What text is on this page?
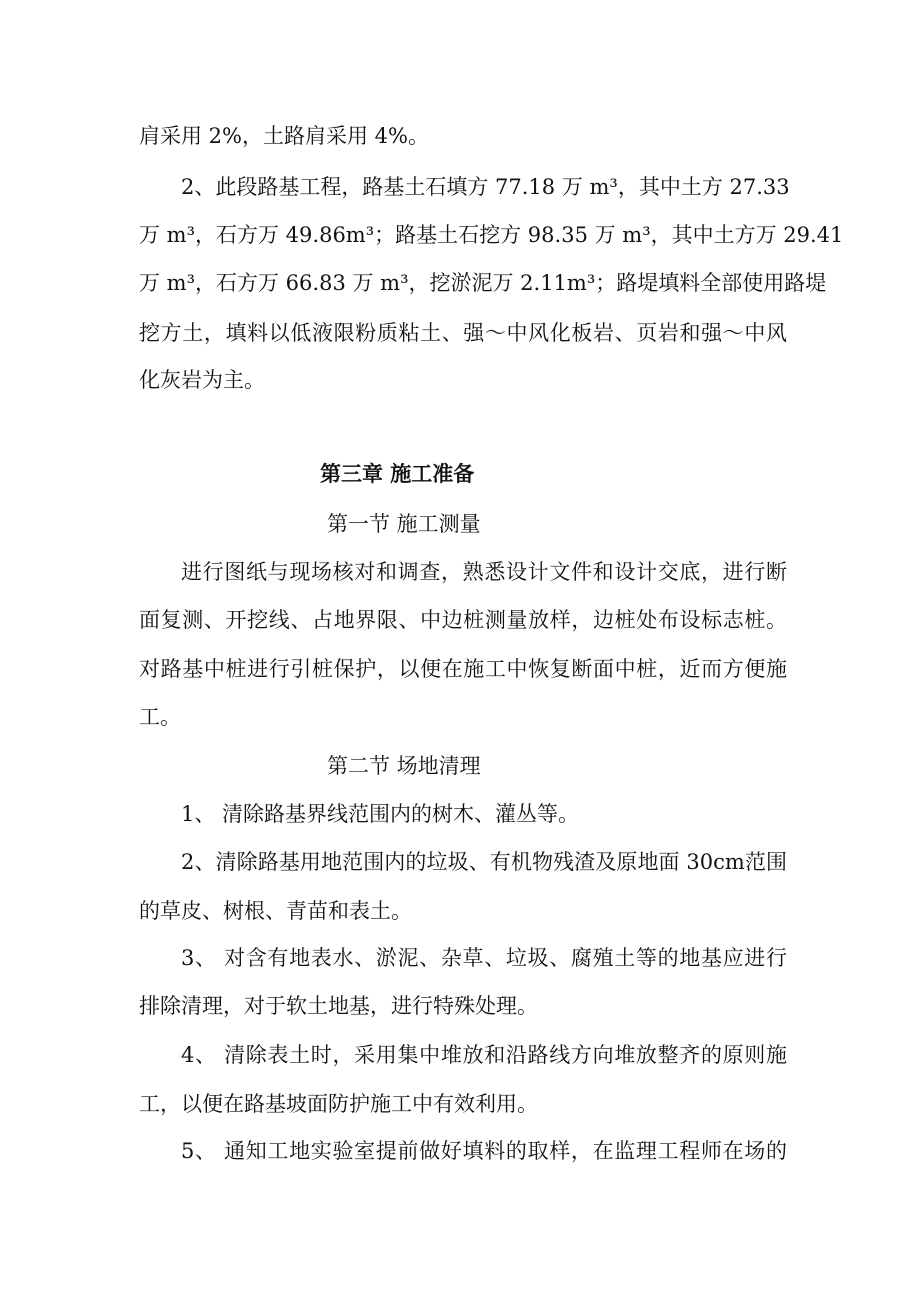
肩采用 2%，土路肩采用 4%。
2、此段路基工程，路基土石填方 77.18 万 m³，其中土方 27.33
万 m³，石方万 49.86m³；路基土石挖方 98.35 万 m³，其中土方万 29.41
万 m³，石方万 66.83 万 m³，挖淤泥万 2.11m³；路堤填料全部使用路堤
挖方土，填料以低液限粉质粘土、强～中风化板岩、页岩和强～中风
化灰岩为主。
第三章 施工准备
第一节 施工测量
进行图纸与现场核对和调查，熟悉设计文件和设计交底，进行断
面复测、开挖线、占地界限、中边桩测量放样，边桩处布设标志桩。
对路基中桩进行引桩保护，以便在施工中恢复断面中桩，近而方便施
工。
第二节 场地清理
1、 清除路基界线范围内的树木、灌丛等。
2、清除路基用地范围内的垃圾、有机物残渣及原地面 30cm范围
的草皮、树根、青苗和表土。
3、 对含有地表水、淤泥、杂草、垃圾、腐殖土等的地基应进行
排除清理，对于软土地基，进行特殊处理。
4、 清除表土时，采用集中堆放和沿路线方向堆放整齐的原则施
工，以便在路基坡面防护施工中有效利用。
5、 通知工地实验室提前做好填料的取样，在监理工程师在场的
